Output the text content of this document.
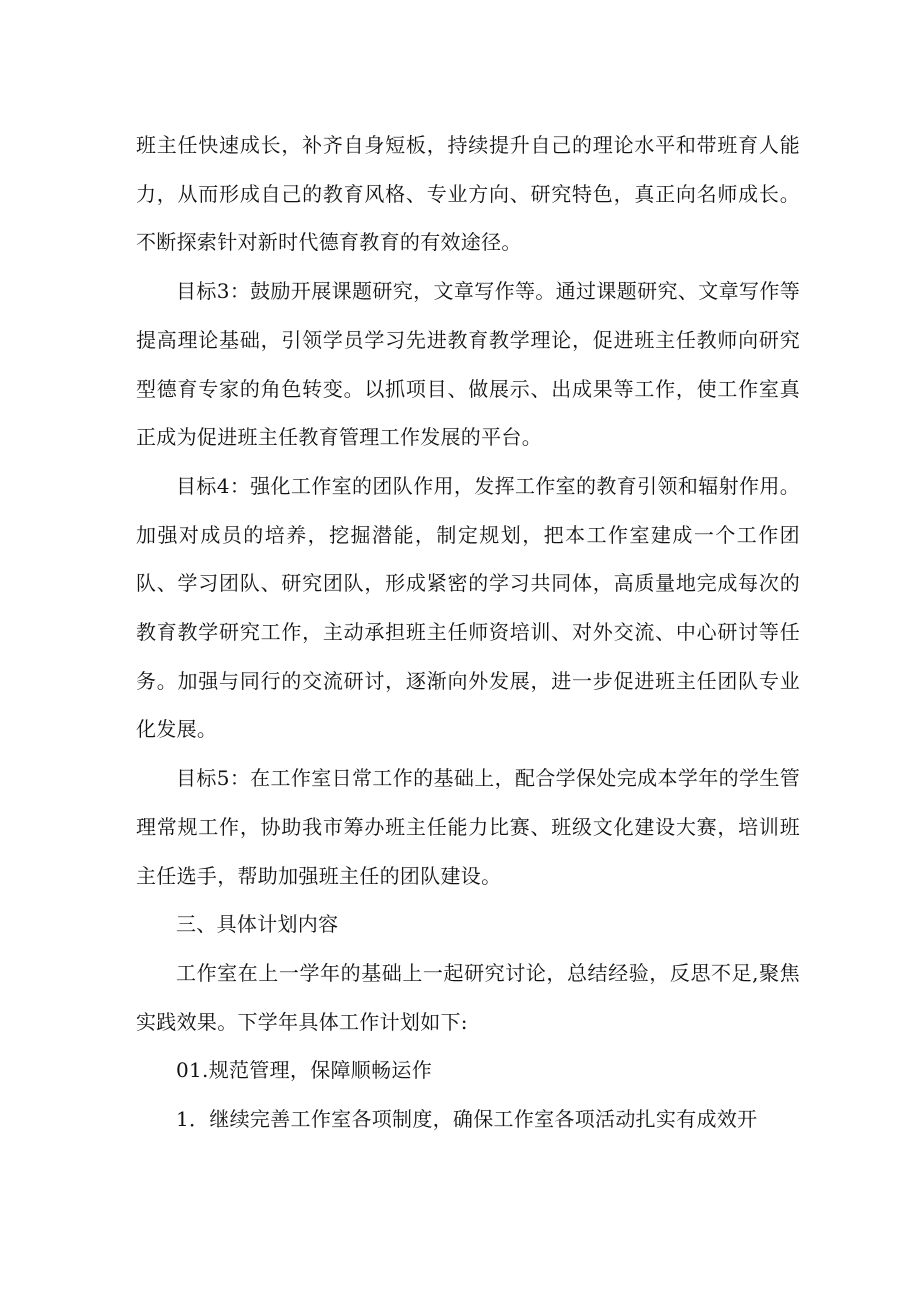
班主任快速成长，补齐自身短板，持续提升自己的理论水平和带班育人能力，从而形成自己的教育风格、专业方向、研究特色，真正向名师成长。不断探索针对新时代德育教育的有效途径。

目标3：鼓励开展课题研究，文章写作等。通过课题研究、文章写作等提高理论基础，引领学员学习先进教育教学理论，促进班主任教师向研究型德育专家的角色转变。以抓项目、做展示、出成果等工作，使工作室真正成为促进班主任教育管理工作发展的平台。

目标4：强化工作室的团队作用，发挥工作室的教育引领和辐射作用。加强对成员的培养，挖掘潜能，制定规划，把本工作室建成一个工作团队、学习团队、研究团队，形成紧密的学习共同体，高质量地完成每次的教育教学研究工作，主动承担班主任师资培训、对外交流、中心研讨等任务。加强与同行的交流研讨，逐渐向外发展，进一步促进班主任团队专业化发展。

目标5：在工作室日常工作的基础上，配合学保处完成本学年的学生管理常规工作，协助我市筹办班主任能力比赛、班级文化建设大赛，培训班主任选手，帮助加强班主任的团队建设。

三、具体计划内容

工作室在上一学年的基础上一起研究讨论，总结经验，反思不足,聚焦实践效果。下学年具体工作计划如下:

01.规范管理，保障顺畅运作

1．继续完善工作室各项制度，确保工作室各项活动扎实有成效开
